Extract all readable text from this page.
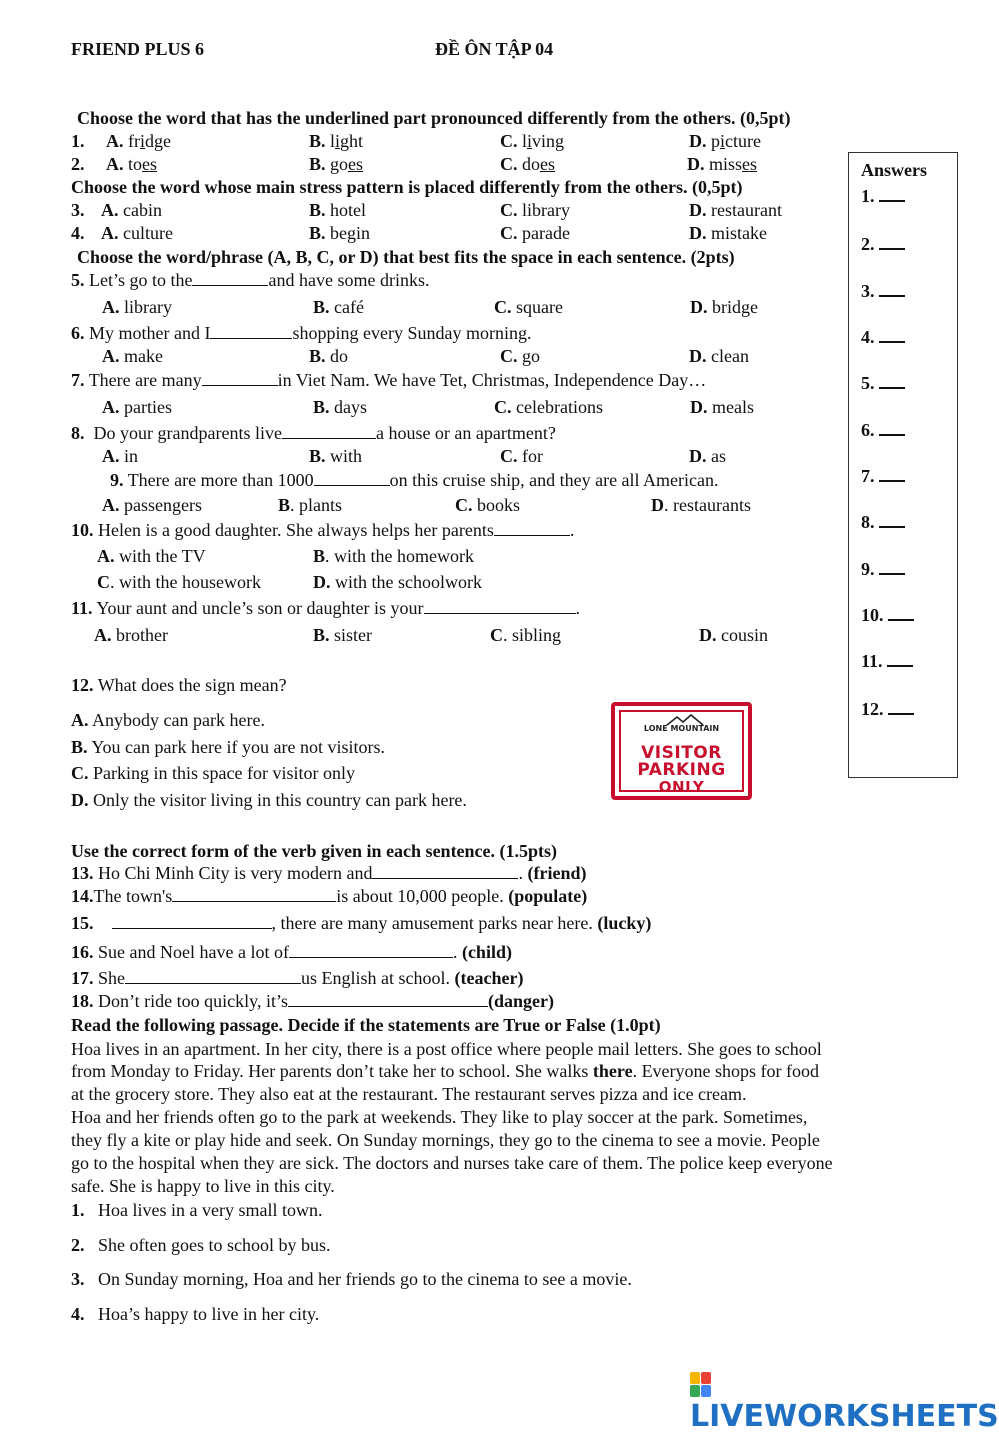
FRIEND PLUS 6	ĐỀ ÔN TẬP 04
Choose the word that has the underlined part pronounced differently from the others. (0,5pt)
1. A. fridge	B. light	C. living	D. picture
2. A. toes	B. goes	C. does	D. misses
Choose the word whose main stress pattern is placed differently from the others. (0,5pt)
3. A. cabin	B. hotel	C. library	D. restaurant
4. A. culture	B. begin	C. parade	D. mistake
Choose the word/phrase (A, B, C, or D) that best fits the space in each sentence. (2pts)
5. Let’s go to the	and have some drinks.
A. library	B. café	C. square	D. bridge
6. My mother and I	shopping every Sunday morning.
A. make	B. do	C. go	D. clean
7. There are many	in Viet Nam. We have Tet, Christmas, Independence Day…
A. parties	B. days	C. celebrations	D. meals
8. Do your grandparents live	a house or an apartment?
A. in	B. with	C. for	D. as
9. There are more than 1000	on this cruise ship, and they are all American.
A. passengers	B. plants	C. books	D. restaurants
10. Helen is a good daughter. She always helps her parents	.
A. with the TV	B. with the homework
C. with the housework	D. with the schoolwork
11. Your aunt and uncle’s son or daughter is your	.
A. brother	B. sister	C. sibling	D. cousin
12. What does the sign mean?
A. Anybody can park here.
B. You can park here if you are not visitors.
C. Parking in this space for visitor only
D. Only the visitor living in this country can park here.
LONE MOUNTAIN
VISITOR
PARKING
ONLY
Answers
1.
2.
3.
4.
5.
6.
7.
8.
9.
10.
11.
12.
Use the correct form of the verb given in each sentence. (1.5pts)
13. Ho Chi Minh City is very modern and	. (friend)
14.The town's	is about 10,000 people. (populate)
15.	, there are many amusement parks near here. (lucky)
16. Sue and Noel have a lot of	. (child)
17. She	us English at school. (teacher)
18. Don’t ride too quickly, it’s	(danger)
Read the following passage. Decide if the statements are True or False (1.0pt)
Hoa lives in an apartment. In her city, there is a post office where people mail letters. She goes to school
from Monday to Friday. Her parents don’t take her to school. She walks there. Everyone shops for food
at the grocery store. They also eat at the restaurant. The restaurant serves pizza and ice cream.
Hoa and her friends often go to the park at weekends. They like to play soccer at the park. Sometimes,
they fly a kite or play hide and seek. On Sunday mornings, they go to the cinema to see a movie. People
go to the hospital when they are sick. The doctors and nurses take care of them. The police keep everyone
safe. She is happy to live in this city.
1. Hoa lives in a very small town.
2. She often goes to school by bus.
3. On Sunday morning, Hoa and her friends go to the cinema to see a movie.
4. Hoa’s happy to live in her city.
LIVEWORKSHEETS
